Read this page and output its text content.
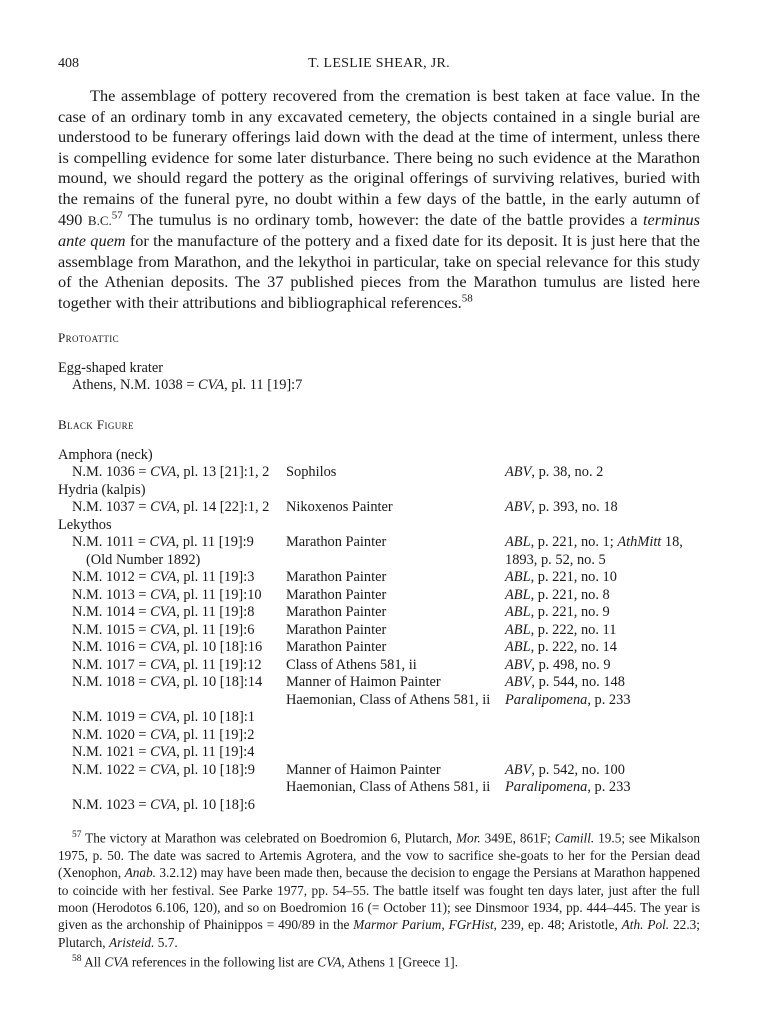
408	T. LESLIE SHEAR, JR.

The assemblage of pottery recovered from the cremation is best taken at face value. In the case of an ordinary tomb in any excavated cemetery, the objects contained in a single burial are understood to be funerary offerings laid down with the dead at the time of interment, unless there is compelling evidence for some later disturbance. There being no such evidence at the Marathon mound, we should regard the pottery as the original offerings of surviving relatives, buried with the remains of the funeral pyre, no doubt within a few days of the battle, in the early autumn of 490 B.C.$^{57}$ The tumulus is no ordinary tomb, however: the date of the battle provides a terminus ante quem for the manufacture of the pottery and a fixed date for its deposit. It is just here that the assemblage from Marathon, and the lekythoi in particular, take on special relevance for this study of the Athenian deposits. The 37 published pieces from the Marathon tumulus are listed here together with their attributions and bibliographical references.$^{58}$

Protoattic
Egg-shaped krater
Athens, N.M. 1038 = CVA, pl. 11 [19]:7
Black Figure
Amphora (neck)
N.M. 1036 = CVA, pl. 13 [21]:1, 2	Sophilos	ABV, p. 38, no. 2
Hydria (kalpis)
N.M. 1037 = CVA, pl. 14 [22]:1, 2	Nikoxenos Painter	ABV, p. 393, no. 18
Lekythos
N.M. 1011 = CVA, pl. 11 [19]:9	Marathon Painter	ABL, p. 221, no. 1; AthMitt 18,
(Old Number 1892)	1893, p. 52, no. 5
N.M. 1012 = CVA, pl. 11 [19]:3	Marathon Painter	ABL, p. 221, no. 10
N.M. 1013 = CVA, pl. 11 [19]:10	Marathon Painter	ABL, p. 221, no. 8
N.M. 1014 = CVA, pl. 11 [19]:8	Marathon Painter	ABL, p. 221, no. 9
N.M. 1015 = CVA, pl. 11 [19]:6	Marathon Painter	ABL, p. 222, no. 11
N.M. 1016 = CVA, pl. 10 [18]:16	Marathon Painter	ABL, p. 222, no. 14
N.M. 1017 = CVA, pl. 11 [19]:12	Class of Athens 581, ii	ABV, p. 498, no. 9
N.M. 1018 = CVA, pl. 10 [18]:14	Manner of Haimon Painter	ABV, p. 544, no. 148
Haemonian, Class of Athens 581, ii	Paralipomena, p. 233
N.M. 1019 = CVA, pl. 10 [18]:1
N.M. 1020 = CVA, pl. 11 [19]:2
N.M. 1021 = CVA, pl. 11 [19]:4
N.M. 1022 = CVA, pl. 10 [18]:9	Manner of Haimon Painter	ABV, p. 542, no. 100
Haemonian, Class of Athens 581, ii	Paralipomena, p. 233
N.M. 1023 = CVA, pl. 10 [18]:6

$^{57}$ The victory at Marathon was celebrated on Boedromion 6, Plutarch, Mor. 349E, 861F; Camill. 19.5; see Mikalson 1975, p. 50. The date was sacred to Artemis Agrotera, and the vow to sacrifice she-goats to her for the Persian dead (Xenophon, Anab. 3.2.12) may have been made then, because the decision to engage the Persians at Marathon happened to coincide with her festival. See Parke 1977, pp. 54–55. The battle itself was fought ten days later, just after the full moon (Herodotos 6.106, 120), and so on Boedromion 16 (= October 11); see Dinsmoor 1934, pp. 444–445. The year is given as the archonship of Phainippos = 490/89 in the Marmor Parium, FGrHist, 239, ep. 48; Aristotle, Ath. Pol. 22.3; Plutarch, Aristeid. 5.7.

$^{58}$ All CVA references in the following list are CVA, Athens 1 [Greece 1].
